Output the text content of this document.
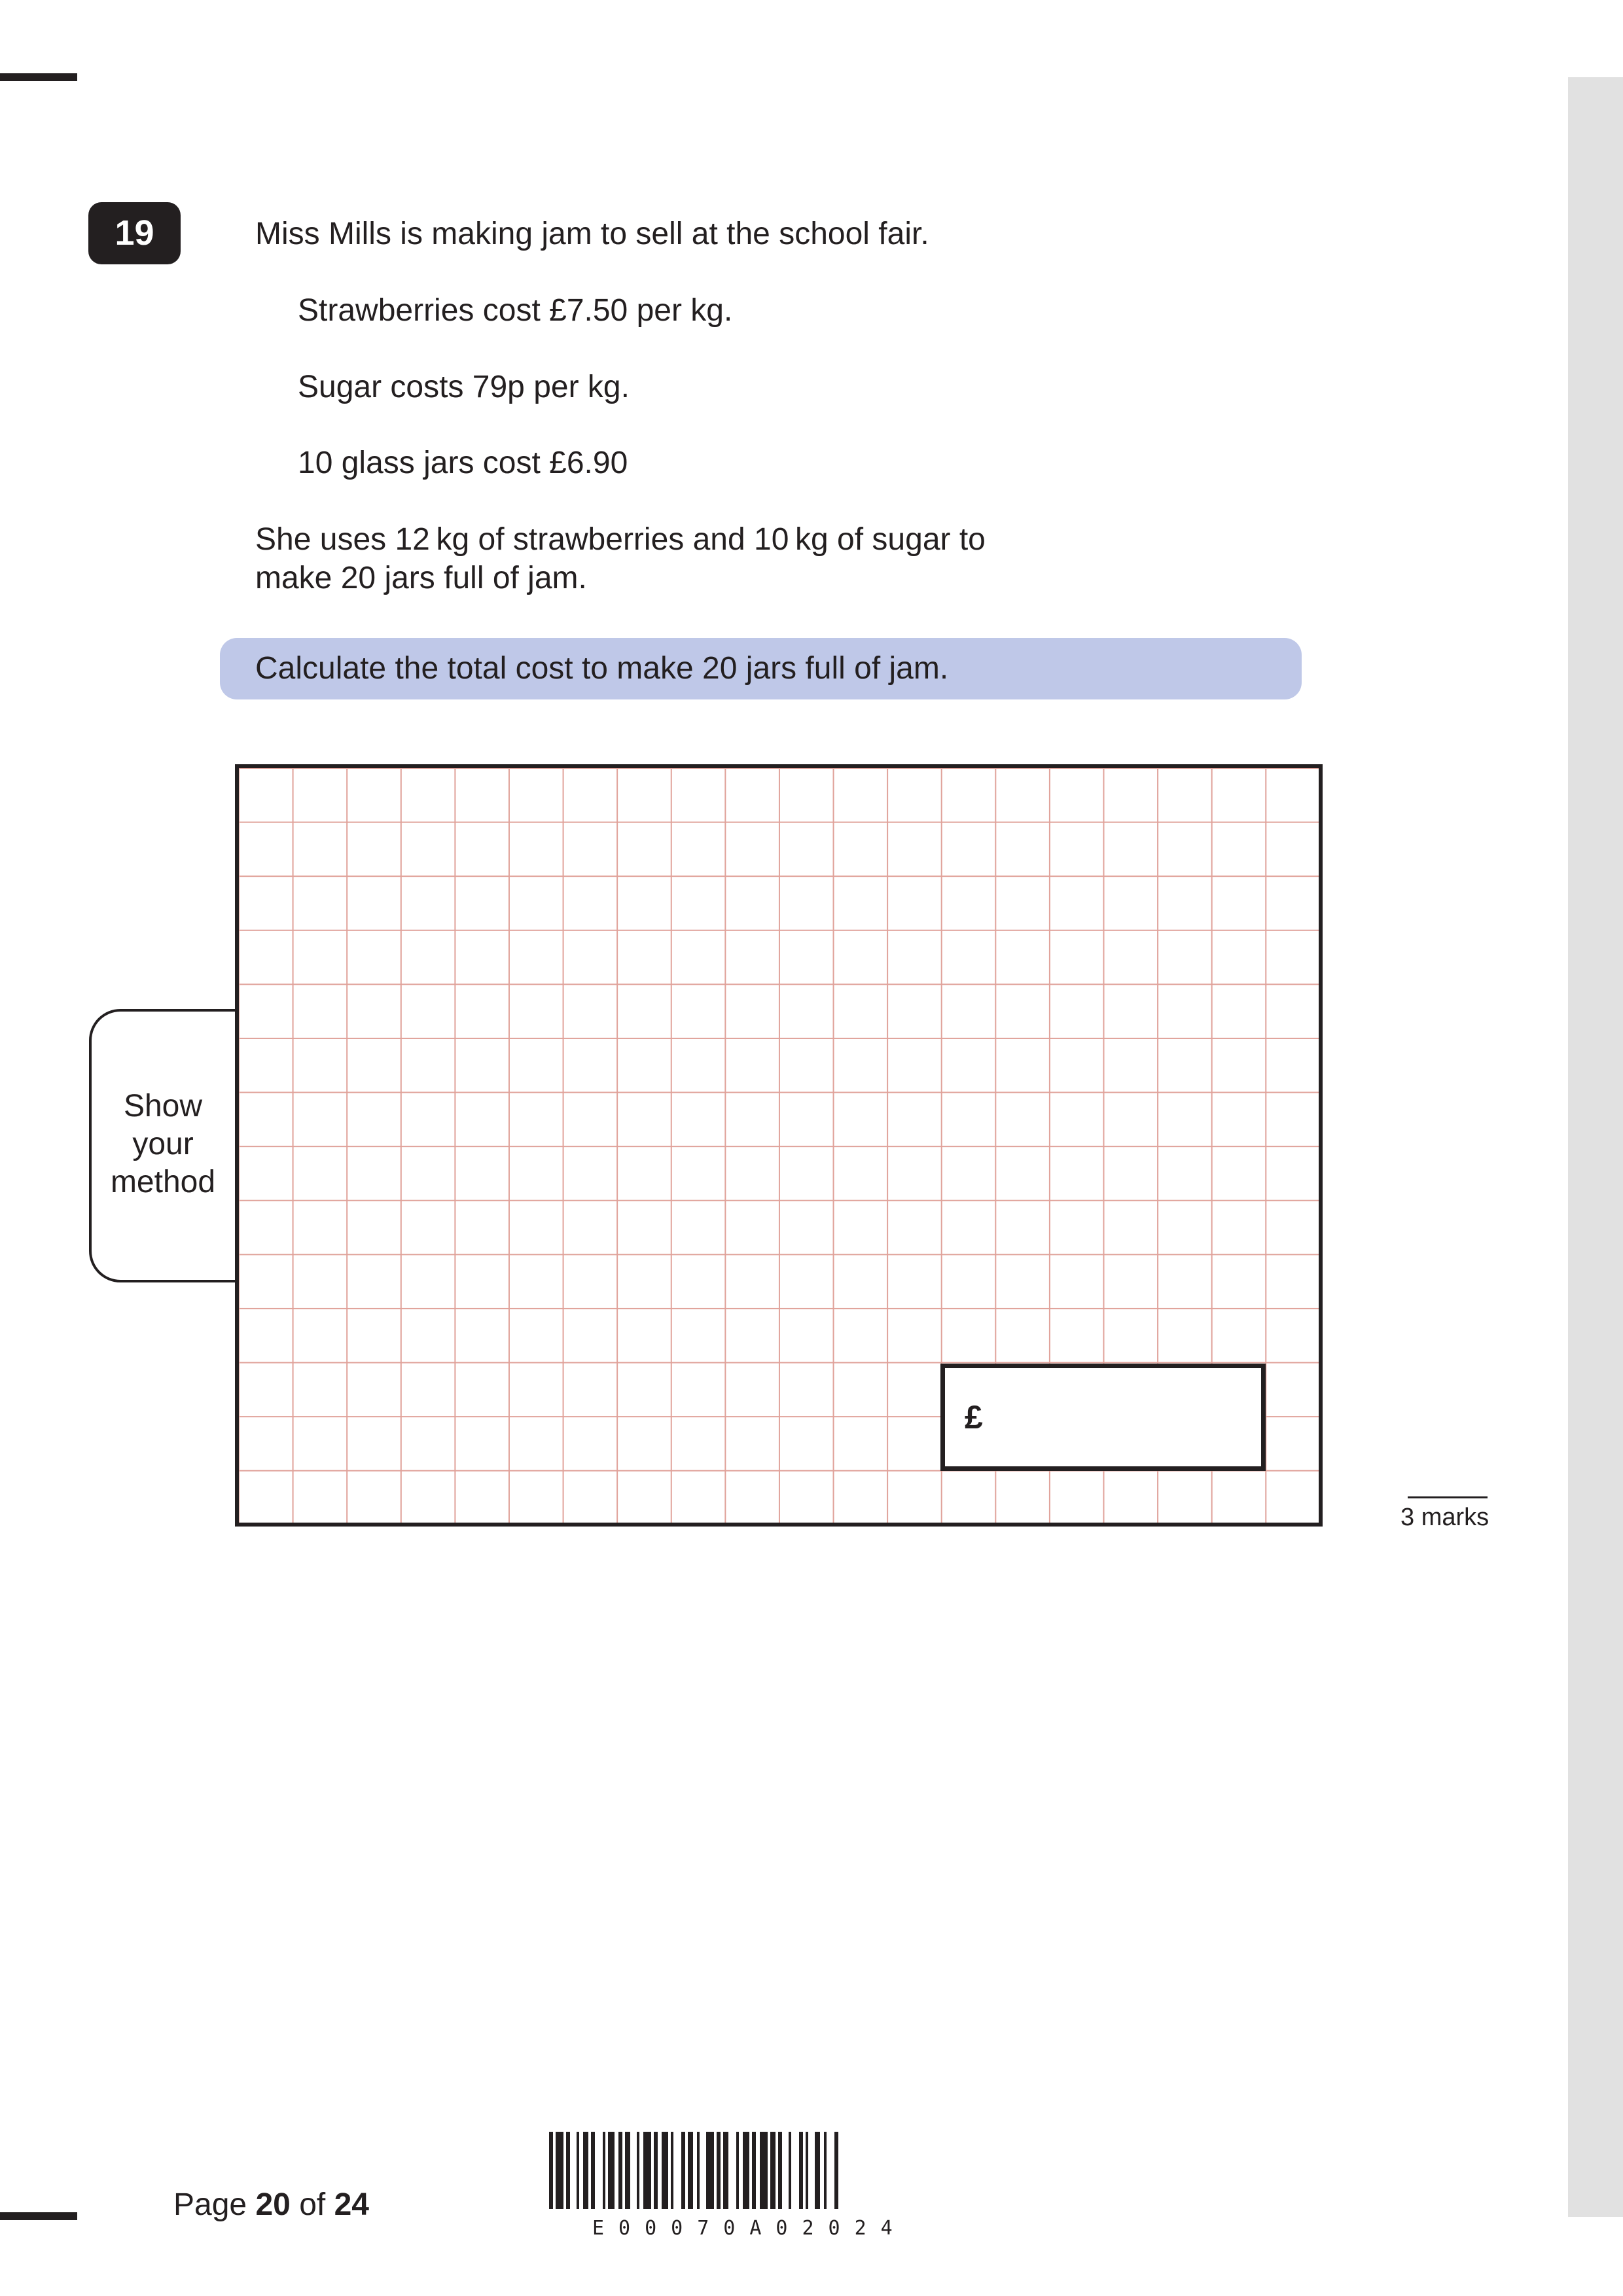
19	Miss Mills is making jam to sell at the school fair.
Strawberries cost £7.50 per kg.
Sugar costs 79p per kg.
10 glass jars cost £6.90
She uses 12 kg of strawberries and 10 kg of sugar to
make 20 jars full of jam.
Calculate the total cost to make 20 jars full of jam.
Show
your
method
£
3 marks
Page 20 of 24
E00070A02024
